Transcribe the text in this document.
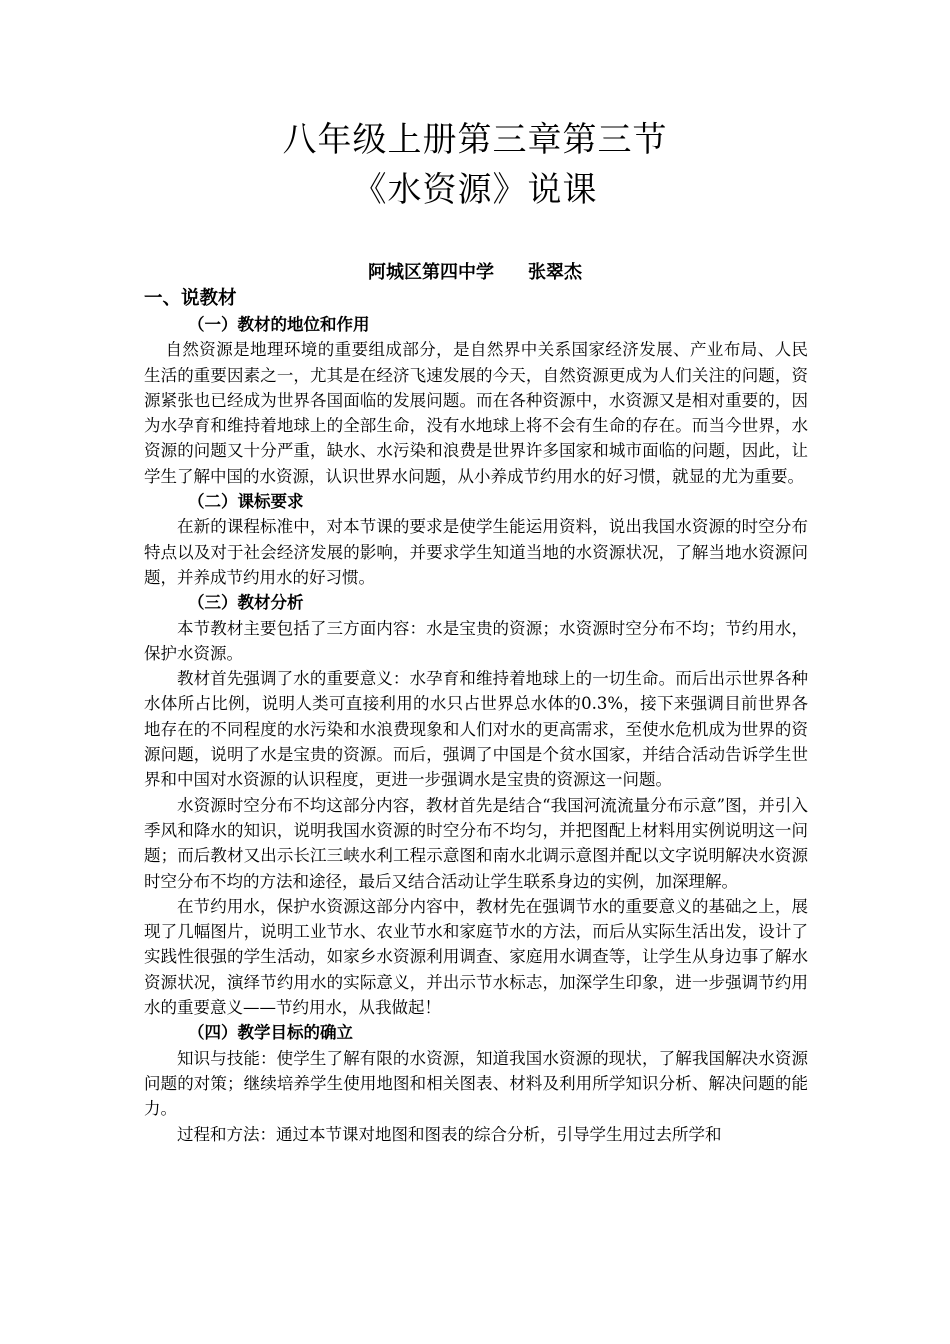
八年级上册第三章第三节
《水资源》说课

阿城区第四中学 张翠杰

一、说教材

（一）教材的地位和作用

自然资源是地理环境的重要组成部分，是自然界中关系国家经济发展、产业布局、人民生活的重要因素之一，尤其是在经济飞速发展的今天，自然资源更成为人们关注的问题，资源紧张也已经成为世界各国面临的发展问题。而在各种资源中，水资源又是相对重要的，因为水孕育和维持着地球上的全部生命，没有水地球上将不会有生命的存在。而当今世界，水资源的问题又十分严重，缺水、水污染和浪费是世界许多国家和城市面临的问题，因此，让学生了解中国的水资源，认识世界水问题，从小养成节约用水的好习惯，就显的尤为重要。

（二）课标要求

在新的课程标准中，对本节课的要求是使学生能运用资料，说出我国水资源的时空分布特点以及对于社会经济发展的影响，并要求学生知道当地的水资源状况，了解当地水资源问题，并养成节约用水的好习惯。

（三）教材分析

本节教材主要包括了三方面内容：水是宝贵的资源；水资源时空分布不均；节约用水，保护水资源。

教材首先强调了水的重要意义：水孕育和维持着地球上的一切生命。而后出示世界各种水体所占比例，说明人类可直接利用的水只占世界总水体的0.3%，接下来强调目前世界各地存在的不同程度的水污染和水浪费现象和人们对水的更高需求，至使水危机成为世界的资源问题，说明了水是宝贵的资源。而后，强调了中国是个贫水国家，并结合活动告诉学生世界和中国对水资源的认识程度，更进一步强调水是宝贵的资源这一问题。

水资源时空分布不均这部分内容，教材首先是结合“我国河流流量分布示意”图，并引入季风和降水的知识，说明我国水资源的时空分布不均匀，并把图配上材料用实例说明这一问题；而后教材又出示长江三峡水利工程示意图和南水北调示意图并配以文字说明解决水资源时空分布不均的方法和途径，最后又结合活动让学生联系身边的实例，加深理解。

在节约用水，保护水资源这部分内容中，教材先在强调节水的重要意义的基础之上，展现了几幅图片，说明工业节水、农业节水和家庭节水的方法，而后从实际生活出发，设计了实践性很强的学生活动，如家乡水资源利用调查、家庭用水调查等，让学生从身边事了解水资源状况，演绎节约用水的实际意义，并出示节水标志，加深学生印象，进一步强调节约用水的重要意义——节约用水，从我做起！

（四）教学目标的确立

知识与技能：使学生了解有限的水资源，知道我国水资源的现状，了解我国解决水资源问题的对策；继续培养学生使用地图和相关图表、材料及利用所学知识分析、解决问题的能力。

过程和方法：通过本节课对地图和图表的综合分析，引导学生用过去所学和
